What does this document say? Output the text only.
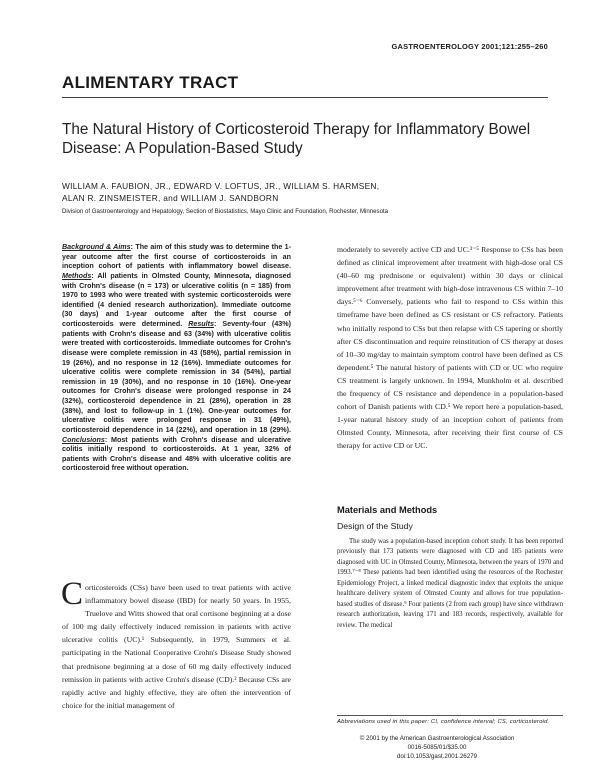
GASTROENTEROLOGY 2001;121:255–260
ALIMENTARY TRACT
The Natural History of Corticosteroid Therapy for Inflammatory Bowel Disease: A Population-Based Study
WILLIAM A. FAUBION, JR., EDWARD V. LOFTUS, JR., WILLIAM S. HARMSEN,
ALAN R. ZINSMEISTER, and WILLIAM J. SANDBORN
Division of Gastroenterology and Hepatology, Section of Biostatistics, Mayo Clinic and Foundation, Rochester, Minnesota
Background & Aims: The aim of this study was to determine the 1-year outcome after the first course of corticosteroids in an inception cohort of patients with inflammatory bowel disease. Methods: All patients in Olmsted County, Minnesota, diagnosed with Crohn's disease (n = 173) or ulcerative colitis (n = 185) from 1970 to 1993 who were treated with systemic corticosteroids were identified (4 denied research authorization). Immediate outcome (30 days) and 1-year outcome after the first course of corticosteroids were determined. Results: Seventy-four (43%) patients with Crohn's disease and 63 (34%) with ulcerative colitis were treated with corticosteroids. Immediate outcomes for Crohn's disease were complete remission in 43 (58%), partial remission in 19 (26%), and no response in 12 (16%). Immediate outcomes for ulcerative colitis were complete remission in 34 (54%), partial remission in 19 (30%), and no response in 10 (16%). One-year outcomes for Crohn's disease were prolonged response in 24 (32%), corticosteroid dependence in 21 (28%), operation in 28 (38%), and lost to follow-up in 1 (1%). One-year outcomes for ulcerative colitis were prolonged response in 31 (49%), corticosteroid dependence in 14 (22%), and operation in 18 (29%). Conclusions: Most patients with Crohn's disease and ulcerative colitis initially respond to corticosteroids. At 1 year, 32% of patients with Crohn's disease and 48% with ulcerative colitis are corticosteroid free without operation.
Corticosteroids (CSs) have been used to treat patients with active inflammatory bowel disease (IBD) for nearly 50 years. In 1955, Truelove and Witts showed that oral cortisone beginning at a dose of 100 mg daily effectively induced remission in patients with active ulcerative colitis (UC).¹ Subsequently, in 1979, Summers et al. participating in the National Cooperative Crohn's Disease Study showed that prednisone beginning at a dose of 60 mg daily effectively induced remission in patients with active Crohn's disease (CD).² Because CSs are rapidly active and highly effective, they are often the intervention of choice for the initial management of
moderately to severely active CD and UC.³⁻⁵ Response to CSs has been defined as clinical improvement after treatment with high-dose oral CS (40–60 mg prednisone or equivalent) within 30 days or clinical improvement after treatment with high-dose intravenous CS within 7–10 days.⁵⁻⁶ Conversely, patients who fail to respond to CSs within this timeframe have been defined as CS resistant or CS refractory. Patients who initially respond to CSs but then relapse with CS tapering or shortly after CS discontinuation and require reinstitution of CS therapy at doses of 10–30 mg/day to maintain symptom control have been defined as CS dependent.⁵ The natural history of patients with CD or UC who require CS treatment is largely unknown. In 1994, Munkholm et al. described the frequency of CS resistance and dependence in a population-based cohort of Danish patients with CD.⁵ We report here a population-based, 1-year natural history study of an inception cohort of patients from Olmsted County, Minnesota, after receiving their first course of CS therapy for active CD or UC.
Materials and Methods
Design of the Study
The study was a population-based inception cohort study. It has been reported previously that 173 patients were diagnosed with CD and 185 patients were diagnosed with UC in Olmsted County, Minnesota, between the years of 1970 and 1993.⁷⁻⁸ These patients had been identified using the resources of the Rochester Epidemiology Project, a linked medical diagnostic index that exploits the unique healthcare delivery system of Olmsted County and allows for true population-based studies of disease.⁹ Four patients (2 from each group) have since withdrawn research authorization, leaving 171 and 183 records, respectively, available for review. The medical
Abbreviations used in this paper: CI, confidence interval; CS, corticosteroid.
© 2001 by the American Gastroenterological Association
0016-5085/01/$35.00
doi:10.1053/gast.2001.26279
